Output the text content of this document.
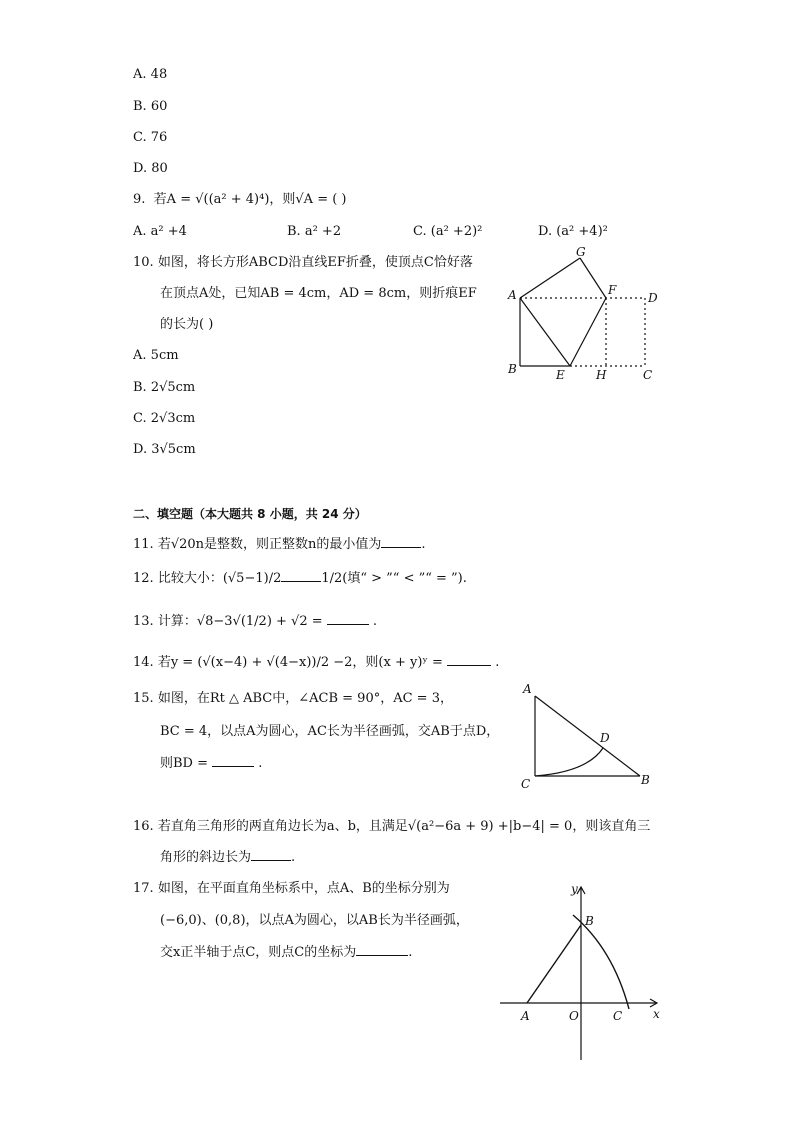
A. 48
B. 60
C. 76
D. 80
9. 若A = √((a² + 4)⁴)，则√A = ( )
A. a² +4	B. a² +2	C. (a² +2)²	D. (a² +4)²
10. 如图，将长方形ABCD沿直线EF折叠，使顶点C恰好落
在顶点A处，已知AB = 4cm，AD = 8cm，则折痕EF
的长为( )
A. 5cm
B. 2√5cm
C. 2√3cm
D. 3√5cm
G
A	F
D
B	E	H	C
二、填空题（本大题共 8 小题，共 24 分）
11. 若√20n是整数，则正整数n的最小值为	.
12. 比较大小：(√5−1)/2	1/2(填“ > ”“ < ”“ = ”).
13. 计算：√8−3√(1/2) + √2 =	.
14. 若y = (√(x−4) + √(4−x))/2 −2，则(x + y)ʸ =	.
15. 如图，在Rt △ ABC中，∠ACB = 90°，AC = 3，
BC = 4，以点A为圆心，AC长为半径画弧，交AB于点D，
则BD =	.
A
D
C	B
16. 若直角三角形的两直角边长为a、b，且满足√(a²−6a + 9) +|b−4| = 0，则该直角三
角形的斜边长为	.
17. 如图，在平面直角坐标系中，点A、B的坐标分别为
(−6,0)、(0,8)，以点A为圆心，以AB长为半径画弧，
交x正半轴于点C，则点C的坐标为	.
y
B
A	O	C	x
